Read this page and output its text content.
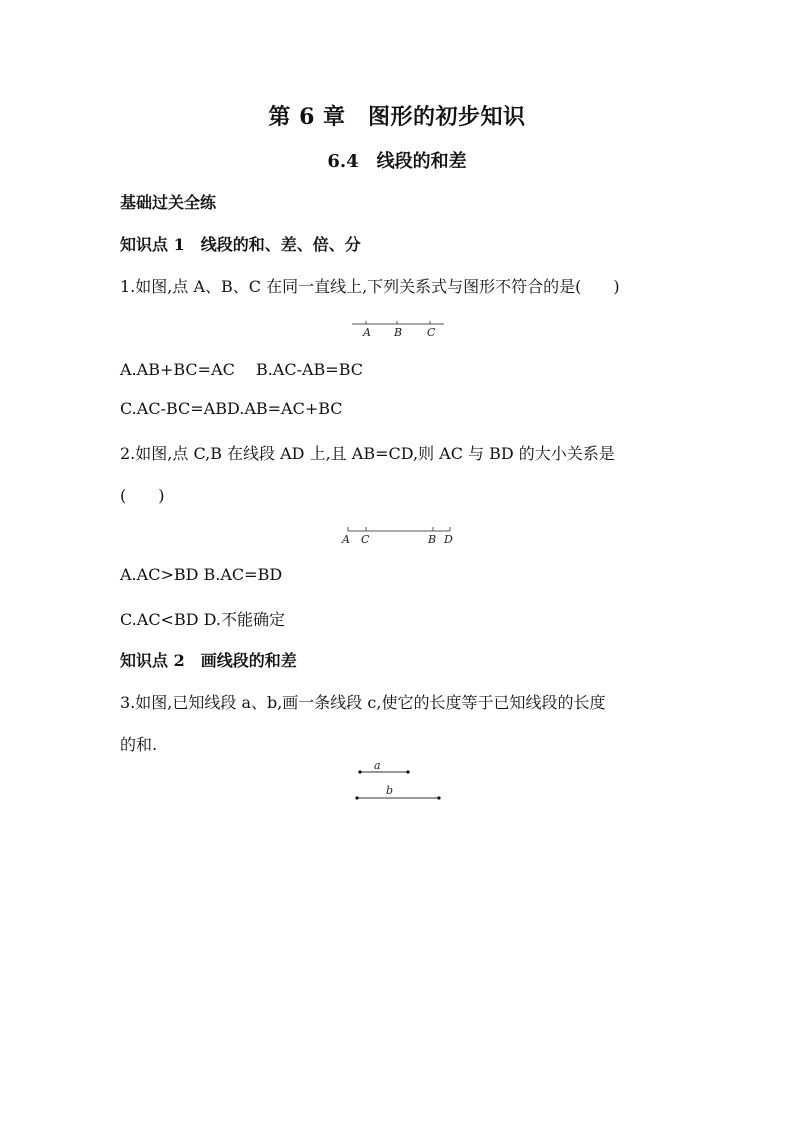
第 6 章　图形的初步知识
6.4　线段的和差
基础过关全练
知识点 1　线段的和、差、倍、分
1.如图,点 A、B、C 在同一直线上,下列关系式与图形不符合的是(　　)
A B C
A.AB+BC=AC　 B.AC-AB=BC
C.AC-BC=ABD.AB=AC+BC
2.如图,点 C,B 在线段 AD 上,且 AB=CD,则 AC 与 BD 的大小关系是
(　　)
A C	B D
A.AC>BD B.AC=BD
C.AC<BD D.不能确定
知识点 2　画线段的和差
3.如图,已知线段 a、b,画一条线段 c,使它的长度等于已知线段的长度
的和.
a
b
